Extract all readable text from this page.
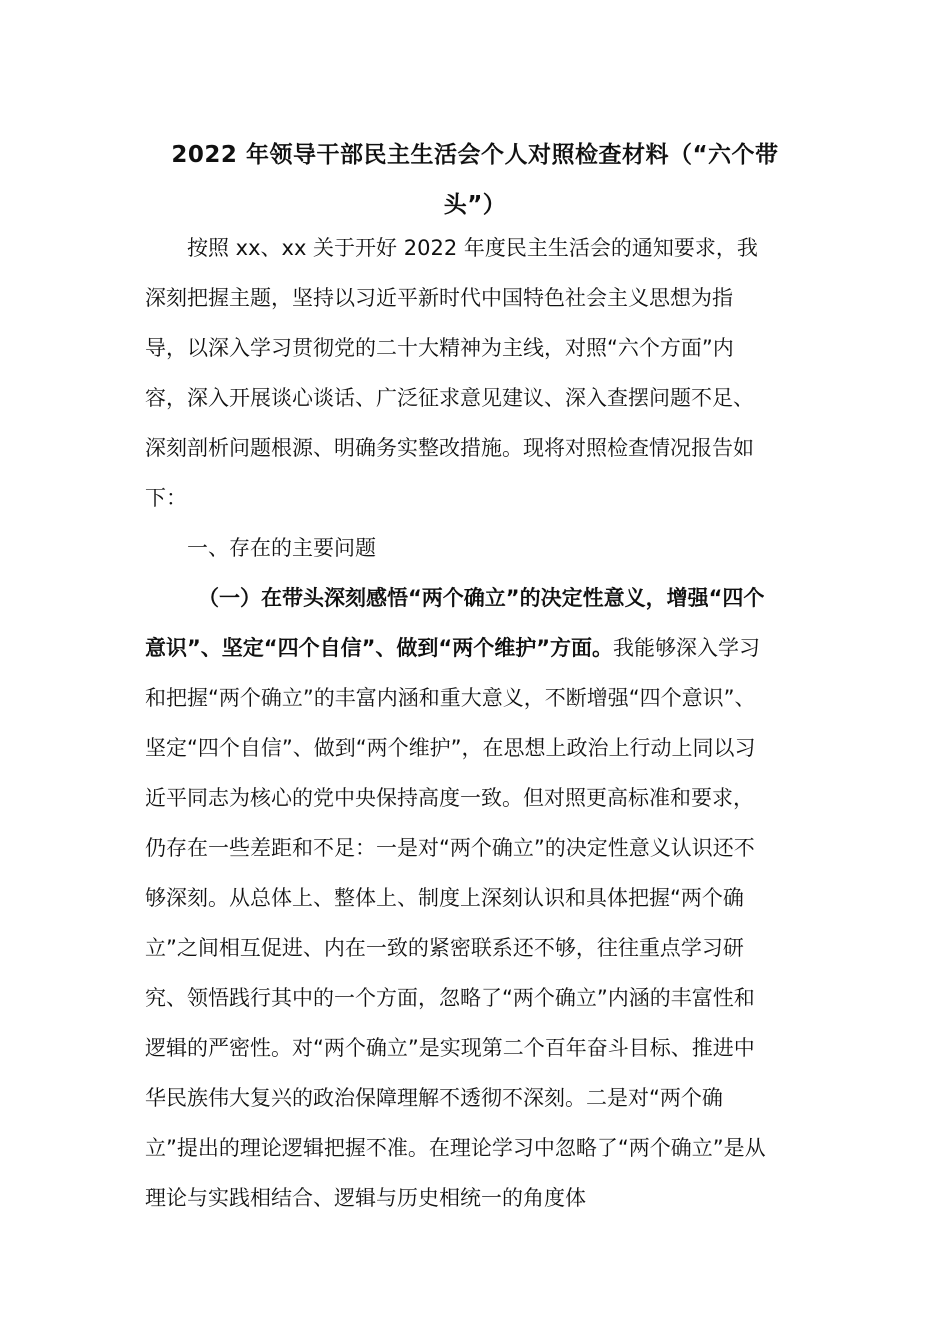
2022 年领导干部民主生活会个人对照检查材料（“六个带
头”）

按照 xx、xx 关于开好 2022 年度民主生活会的通知要求，我

深刻把握主题，坚持以习近平新时代中国特色社会主义思想为指

导，以深入学习贯彻党的二十大精神为主线，对照“六个方面”内

容，深入开展谈心谈话、广泛征求意见建议、深入查摆问题不足、

深刻剖析问题根源、明确务实整改措施。现将对照检查情况报告如

下：

一、存在的主要问题

（一）在带头深刻感悟“两个确立”的决定性意义，增强“四个

意识”、坚定“四个自信”、做到“两个维护”方面。我能够深入学习

和把握“两个确立”的丰富内涵和重大意义，不断增强“四个意识”、

坚定“四个自信”、做到“两个维护”，在思想上政治上行动上同以习

近平同志为核心的党中央保持高度一致。但对照更高标准和要求，

仍存在一些差距和不足：一是对“两个确立”的决定性意义认识还不

够深刻。从总体上、整体上、制度上深刻认识和具体把握“两个确

立”之间相互促进、内在一致的紧密联系还不够，往往重点学习研

究、领悟践行其中的一个方面，忽略了“两个确立”内涵的丰富性和

逻辑的严密性。对“两个确立”是实现第二个百年奋斗目标、推进中

华民族伟大复兴的政治保障理解不透彻不深刻。二是对“两个确

立”提出的理论逻辑把握不准。在理论学习中忽略了“两个确立”是从

理论与实践相结合、逻辑与历史相统一的角度体
